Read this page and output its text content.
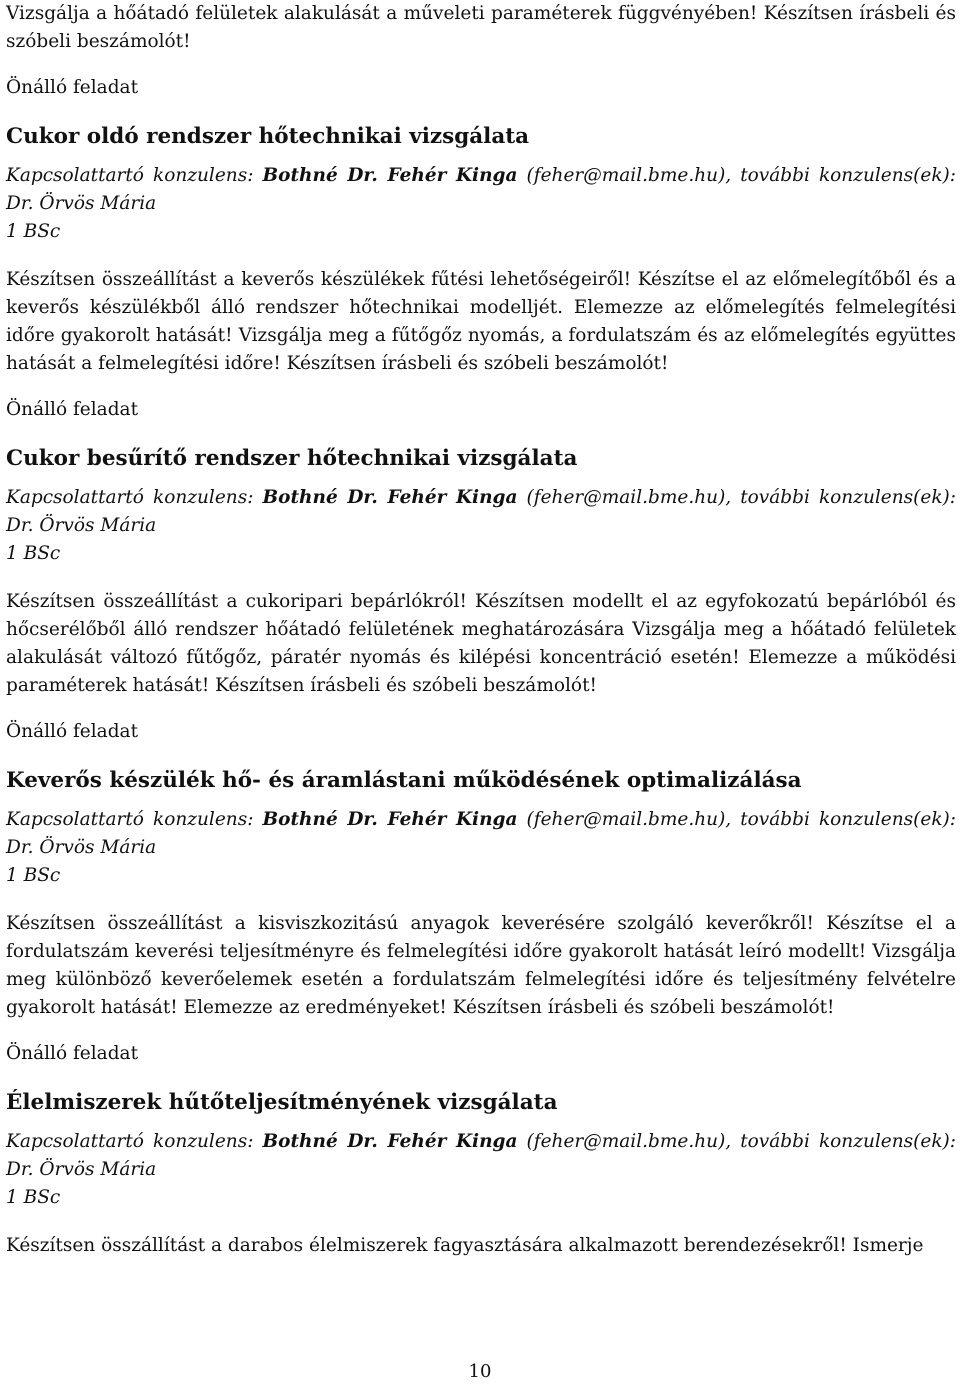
Vizsgálja a hőátadó felületek alakulását a műveleti paraméterek függvényében! Készítsen írásbeli és szóbeli beszámolót!

Önálló feladat
Cukor oldó rendszer hőtechnikai vizsgálata
Kapcsolattartó konzulens: Bothné Dr. Fehér Kinga (feher@mail.bme.hu), további konzulens(ek): Dr. Örvös Mária
1 BSc

Készítsen összeállítást a keverős készülékek fűtési lehetőségeiről! Készítse el az előmelegítőből és a keverős készülékből álló rendszer hőtechnikai modelljét. Elemezze az előmelegítés felmelegítési időre gyakorolt hatását! Vizsgálja meg a fűtőgőz nyomás, a fordulatszám és az előmelegítés együttes hatását a felmelegítési időre! Készítsen írásbeli és szóbeli beszámolót!

Önálló feladat
Cukor besűrítő rendszer hőtechnikai vizsgálata
Kapcsolattartó konzulens: Bothné Dr. Fehér Kinga (feher@mail.bme.hu), további konzulens(ek): Dr. Örvös Mária
1 BSc

Készítsen összeállítást a cukoripari bepárlókról! Készítsen modellt el az egyfokozatú bepárlóból és hőcserélőből álló rendszer hőátadó felületének meghatározására Vizsgálja meg a hőátadó felületek alakulását változó fűtőgőz, páratér nyomás és kilépési koncentráció esetén! Elemezze a működési paraméterek hatását! Készítsen írásbeli és szóbeli beszámolót!

Önálló feladat
Keverős készülék hő- és áramlástani működésének optimalizálása
Kapcsolattartó konzulens: Bothné Dr. Fehér Kinga (feher@mail.bme.hu), további konzulens(ek): Dr. Örvös Mária
1 BSc

Készítsen összeállítást a kisviszkozitású anyagok keverésére szolgáló keverőkről! Készítse el a fordulatszám keverési teljesítményre és felmelegítési időre gyakorolt hatását leíró modellt! Vizsgálja meg különböző keverőelemek esetén a fordulatszám felmelegítési időre és teljesítmény felvételre gyakorolt hatását! Elemezze az eredményeket! Készítsen írásbeli és szóbeli beszámolót!

Önálló feladat
Élelmiszerek hűtőteljesítményének vizsgálata
Kapcsolattartó konzulens: Bothné Dr. Fehér Kinga (feher@mail.bme.hu), további konzulens(ek): Dr. Örvös Mária
1 BSc

Készítsen összállítást a darabos élelmiszerek fagyasztására alkalmazott berendezésekről! Ismerje

10
